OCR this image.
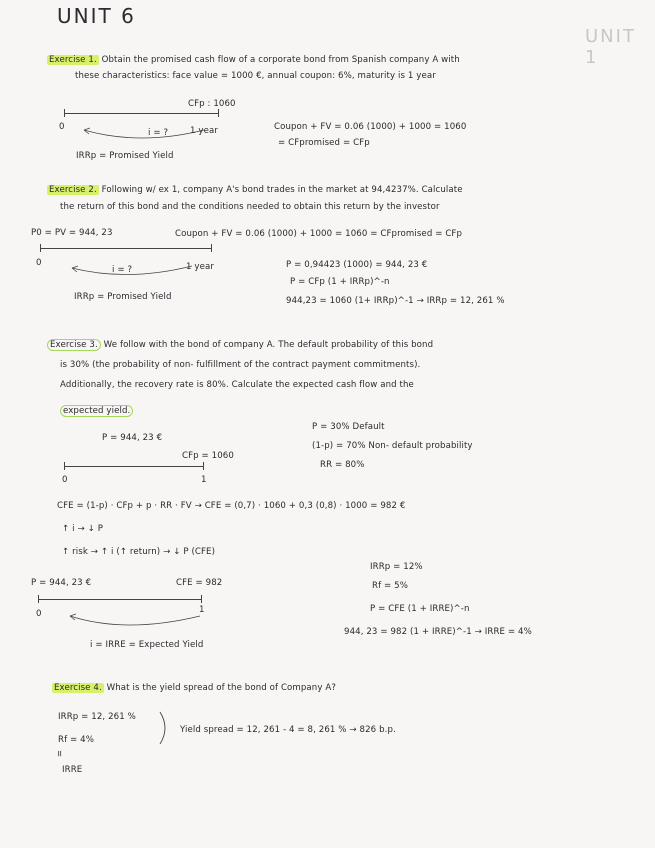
UNIT 6
UNIT 1
Exercise 1. Obtain the promised cash flow of a corporate bond from Spanish company A with
these characteristics: face value = 1000 €, annual coupon: 6%, maturity is 1 year
CFp : 1060
0
i = ?	1 year
IRRp = Promised Yield
Coupon + FV = 0.06 (1000) + 1000 = 1060
= CFpromised = CFp
Exercise 2. Following w/ ex 1, company A's bond trades in the market at 94,4237%. Calculate
the return of this bond and the conditions needed to obtain this return by the investor
P0 = PV = 944, 23	Coupon + FV = 0.06 (1000) + 1000 = 1060 = CFpromised = CFp
0
i = ?	1 year
IRRp = Promised Yield
P = 0,94423 (1000) = 944, 23 €
P = CFp (1 + IRRp)^-n
944,23 = 1060 (1+ IRRp)^-1 → IRRp = 12, 261 %
Exercise 3. We follow with the bond of company A. The default probability of this bond
is 30% (the probability of non- fulfillment of the contract payment commitments).
Additionally, the recovery rate is 80%. Calculate the expected cash flow and the
expected yield.
P = 944, 23 €
CFp = 1060
P = 30% Default
(1-p) = 70% Non- default probability
RR = 80%
0	1
CFE = (1-p) · CFp + p · RR · FV → CFE = (0,7) · 1060 + 0,3 (0,8) · 1000 = 982 €
↑ i → ↓ P
↑ risk → ↑ i (↑ return) → ↓ P (CFE)
P = 944, 23 €	CFE = 982
IRRp = 12%
Rf = 5%
0	1
i = IRRE = Expected Yield
P = CFE (1 + IRRE)^-n
944, 23 = 982 (1 + IRRE)^-1 → IRRE = 4%
Exercise 4. What is the yield spread of the bond of Company A?
IRRp = 12, 261 %
Rf = 4%
=
IRRE
Yield spread = 12, 261 - 4 = 8, 261 % → 826 b.p.
